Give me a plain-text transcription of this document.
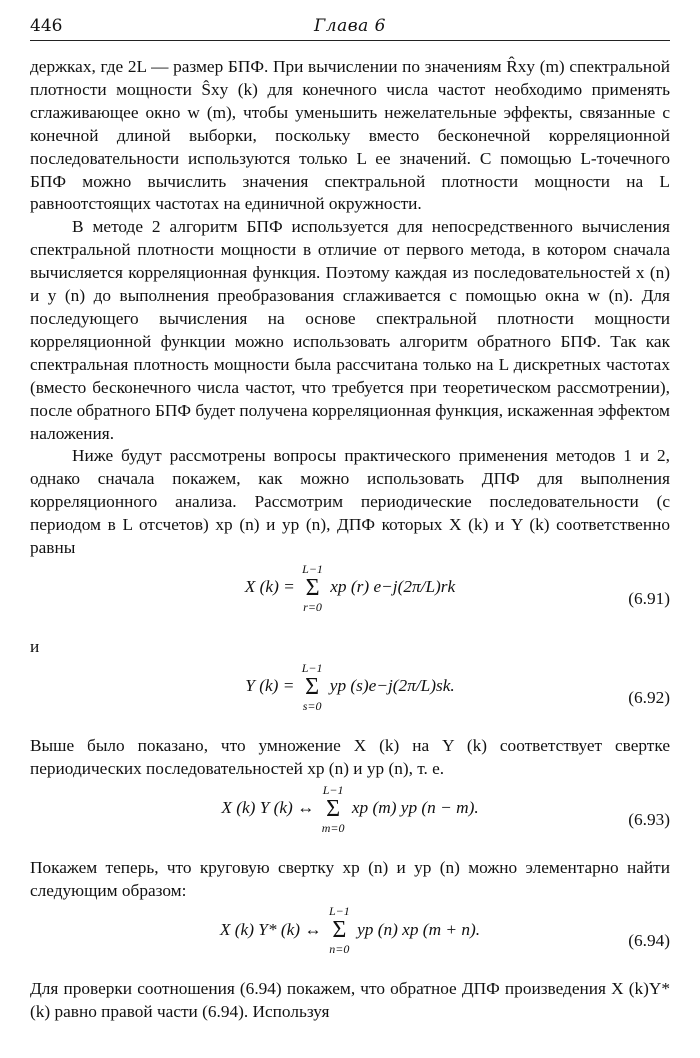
446	Глава 6

держках, где 2L — размер БПФ. При вычислении по значениям R̂xy (m) спектральной плотности мощности Ŝxy (k) для конечного числа частот необходимо применять сглаживающее окно w (m), чтобы уменьшить нежелательные эффекты, связанные с конечной длиной выборки, поскольку вместо бесконечной корреляционной последовательности используются только L ее значений. С помощью L-точечного БПФ можно вычислить значения спектральной плотности мощности на L равноотстоящих частотах на единичной окружности.

В методе 2 алгоритм БПФ используется для непосредственного вычисления спектральной плотности мощности в отличие от первого метода, в котором сначала вычисляется корреляционная функция. Поэтому каждая из последовательностей x (n) и y (n) до выполнения преобразования сглаживается с помощью окна w (n). Для последующего вычисления на основе спектральной плотности мощности корреляционной функции можно использовать алгоритм обратного БПФ. Так как спектральная плотность мощности была рассчитана только на L дискретных частотах (вместо бесконечного числа частот, что требуется при теоретическом рассмотрении), после обратного БПФ будет получена корреляционная функция, искаженная эффектом наложения.

Ниже будут рассмотрены вопросы практического применения методов 1 и 2, однако сначала покажем, как можно использовать ДПФ для выполнения корреляционного анализа. Рассмотрим периодические последовательности (с периодом в L отсчетов) xp (n) и yp (n), ДПФ которых X (k) и Y (k) соответственно равны

X (k) =
L−1
Σ
r=0
xp (r) e−j(2π/L)rk
(6.91)

и

Y (k) =
L−1
Σ
s=0
yp (s)e−j(2π/L)sk.
(6.92)

Выше было показано, что умножение X (k) на Y (k) соответствует свертке периодических последовательностей xp (n) и yp (n), т. е.

X (k) Y (k) ↔
L−1
Σ
m=0
xp (m) yp (n − m).
(6.93)

Покажем теперь, что круговую свертку xp (n) и yp (n) можно элементарно найти следующим образом:

X (k) Y* (k) ↔
L−1
Σ
n=0
yp (n) xp (m + n).
(6.94)

Для проверки соотношения (6.94) покажем, что обратное ДПФ произведения X (k)Y* (k) равно правой части (6.94). Используя
